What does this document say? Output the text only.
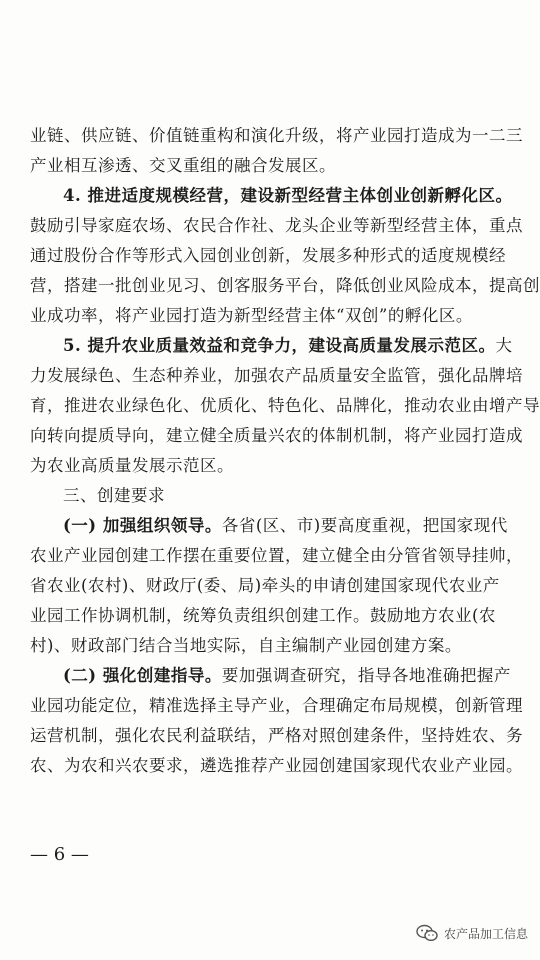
业链、供应链、价值链重构和演化升级，将产业园打造成为一二三
产业相互渗透、交叉重组的融合发展区。
4. 推进适度规模经营，建设新型经营主体创业创新孵化区。
鼓励引导家庭农场、农民合作社、龙头企业等新型经营主体，重点
通过股份合作等形式入园创业创新，发展多种形式的适度规模经
营，搭建一批创业见习、创客服务平台，降低创业风险成本，提高创
业成功率，将产业园打造为新型经营主体“双创”的孵化区。
5. 提升农业质量效益和竞争力，建设高质量发展示范区。大
力发展绿色、生态种养业，加强农产品质量安全监管，强化品牌培
育，推进农业绿色化、优质化、特色化、品牌化，推动农业由增产导
向转向提质导向，建立健全质量兴农的体制机制，将产业园打造成
为农业高质量发展示范区。
三、创建要求
(一) 加强组织领导。各省(区、市)要高度重视，把国家现代
农业产业园创建工作摆在重要位置，建立健全由分管省领导挂帅，
省农业(农村)、财政厅(委、局)牵头的申请创建国家现代农业产
业园工作协调机制，统筹负责组织创建工作。鼓励地方农业(农
村)、财政部门结合当地实际，自主编制产业园创建方案。
(二) 强化创建指导。要加强调查研究，指导各地准确把握产
业园功能定位，精准选择主导产业，合理确定布局规模，创新管理
运营机制，强化农民利益联结，严格对照创建条件，坚持姓农、务
农、为农和兴农要求，遴选推荐产业园创建国家现代农业产业园。
— 6 —
农产品加工信息
